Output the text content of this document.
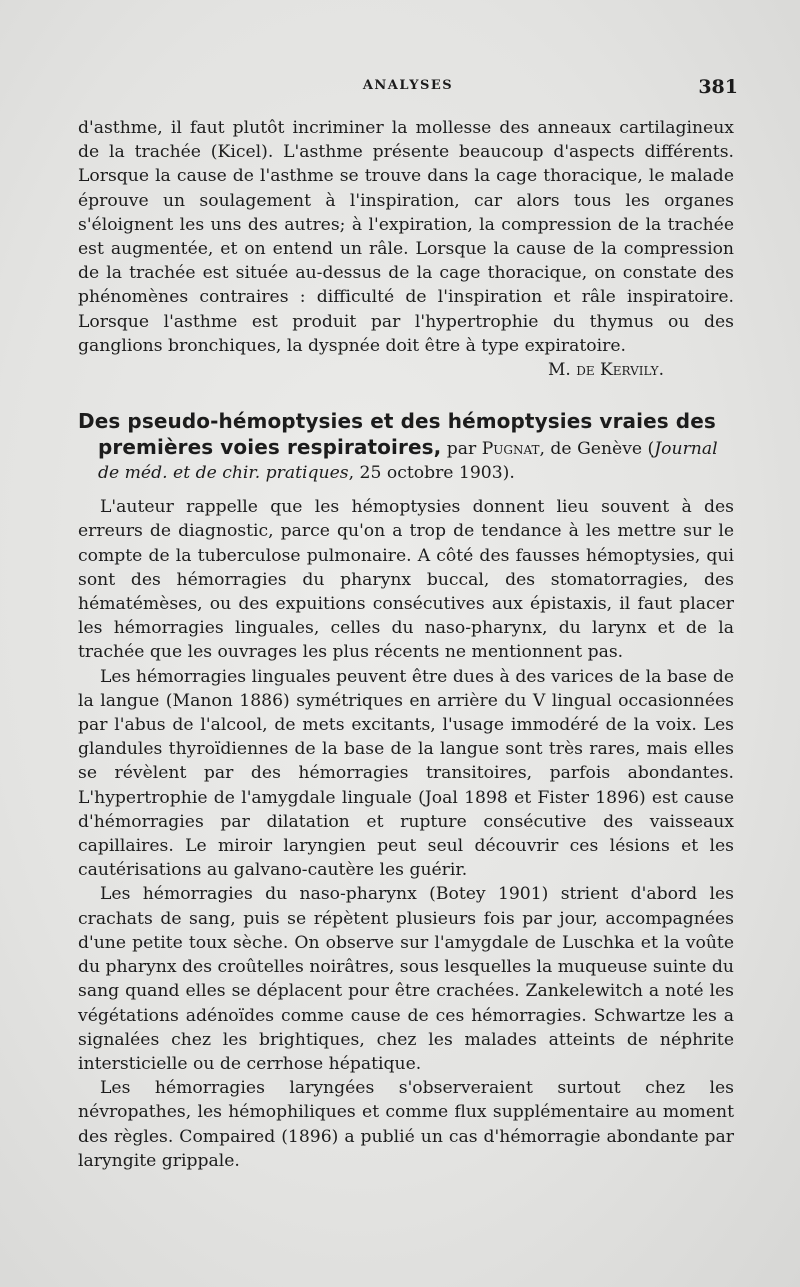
ANALYSES	381

d'asthme, il faut plutôt incriminer la mollesse des anneaux cartilagineux de la trachée (Kicel). L'asthme présente beaucoup d'aspects différents. Lorsque la cause de l'asthme se trouve dans la cage thoracique, le malade éprouve un soulagement à l'inspiration, car alors tous les organes s'éloignent les uns des autres; à l'expiration, la compression de la trachée est augmentée, et on entend un râle. Lorsque la cause de la compression de la trachée est située au-dessus de la cage thoracique, on constate des phénomènes contraires : difficulté de l'inspiration et râle inspiratoire. Lorsque l'asthme est produit par l'hypertrophie du thymus ou des ganglions bronchiques, la dyspnée doit être à type expiratoire.

M. de Kervily.

Des pseudo-hémoptysies et des hémoptysies vraies des premières voies respiratoires, par Pugnat, de Genève (Journal de méd. et de chir. pratiques, 25 octobre 1903).

L'auteur rappelle que les hémoptysies donnent lieu souvent à des erreurs de diagnostic, parce qu'on a trop de tendance à les mettre sur le compte de la tuberculose pulmonaire. A côté des fausses hémoptysies, qui sont des hémorragies du pharynx buccal, des stomatorragies, des hématémèses, ou des expuitions consécutives aux épistaxis, il faut placer les hémorragies linguales, celles du naso-pharynx, du larynx et de la trachée que les ouvrages les plus récents ne mentionnent pas.

Les hémorragies linguales peuvent être dues à des varices de la base de la langue (Manon 1886) symétriques en arrière du V lingual occasionnées par l'abus de l'alcool, de mets excitants, l'usage immodéré de la voix. Les glandules thyroïdiennes de la base de la langue sont très rares, mais elles se révèlent par des hémorragies transitoires, parfois abondantes. L'hypertrophie de l'amygdale linguale (Joal 1898 et Fister 1896) est cause d'hémorragies par dilatation et rupture consécutive des vaisseaux capillaires. Le miroir laryngien peut seul découvrir ces lésions et les cautérisations au galvano-cautère les guérir.

Les hémorragies du naso-pharynx (Botey 1901) strient d'abord les crachats de sang, puis se répètent plusieurs fois par jour, accompagnées d'une petite toux sèche. On observe sur l'amygdale de Luschka et la voûte du pharynx des croûtelles noirâtres, sous lesquelles la muqueuse suinte du sang quand elles se déplacent pour être crachées. Zankelewitch a noté les végétations adénoïdes comme cause de ces hémorragies. Schwartze les a signalées chez les brightiques, chez les malades atteints de néphrite intersticielle ou de cerrhose hépatique.

Les hémorragies laryngées s'observeraient surtout chez les névropathes, les hémophiliques et comme flux supplémentaire au moment des règles. Compaired (1896) a publié un cas d'hémorragie abondante par laryngite grippale.
